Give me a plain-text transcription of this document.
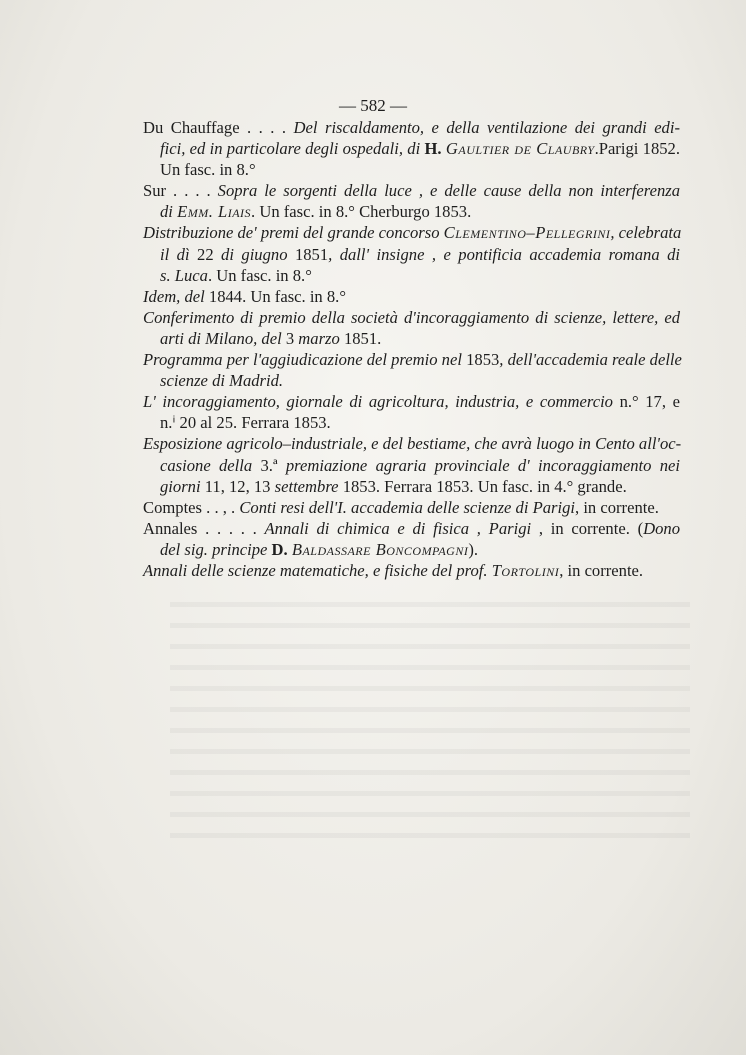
— 582 —
Du Chauffage . . . . Del riscaldamento, e della ventilazione dei grandi edi-
fici, ed in particolare degli ospedali, di H. Gaultier de Claubry.Parigi 1852.
Un fasc. in 8.°
Sur . . . . Sopra le sorgenti della luce , e delle cause della non interferenza
di Emm. Liais. Un fasc. in 8.° Cherburgo 1853.
Distribuzione de' premi del grande concorso Clementino–Pellegrini, celebrata
il dì 22 di giugno 1851, dall' insigne , e pontificia accademia romana di
s. Luca. Un fasc. in 8.°
Idem, del 1844. Un fasc. in 8.°
Conferimento di premio della società d'incoraggiamento di scienze, lettere, ed
arti di Milano, del 3 marzo 1851.
Programma per l'aggiudicazione del premio nel 1853, dell'accademia reale delle
scienze di Madrid.
L' incoraggiamento, giornale di agricoltura, industria, e commercio n.° 17, e
n.ⁱ 20 al 25. Ferrara 1853.
Esposizione agricolo–industriale, e del bestiame, che avrà luogo in Cento all'oc-
casione della 3.ª premiazione agraria provinciale d' incoraggiamento nei
giorni 11, 12, 13 settembre 1853. Ferrara 1853. Un fasc. in 4.° grande.
Comptes . . , . Conti resi dell'I. accademia delle scienze di Parigi, in corrente.
Annales . . . . . Annali di chimica e di fisica , Parigi , in corrente. (Dono
del sig. principe D. Baldassare Boncompagni).
Annali delle scienze matematiche, e fisiche del prof. Tortolini, in corrente.
